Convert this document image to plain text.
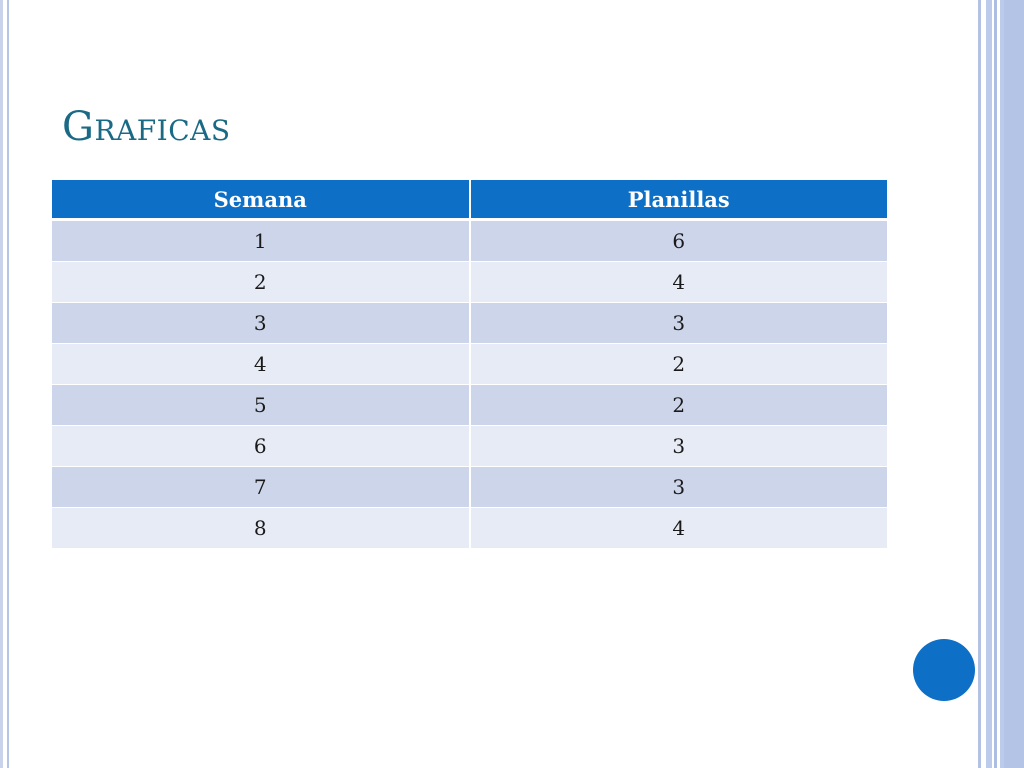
Graficas
Semana	Planillas
1	6
2	4
3	3
4	2
5	2
6	3
7	3
8	4
